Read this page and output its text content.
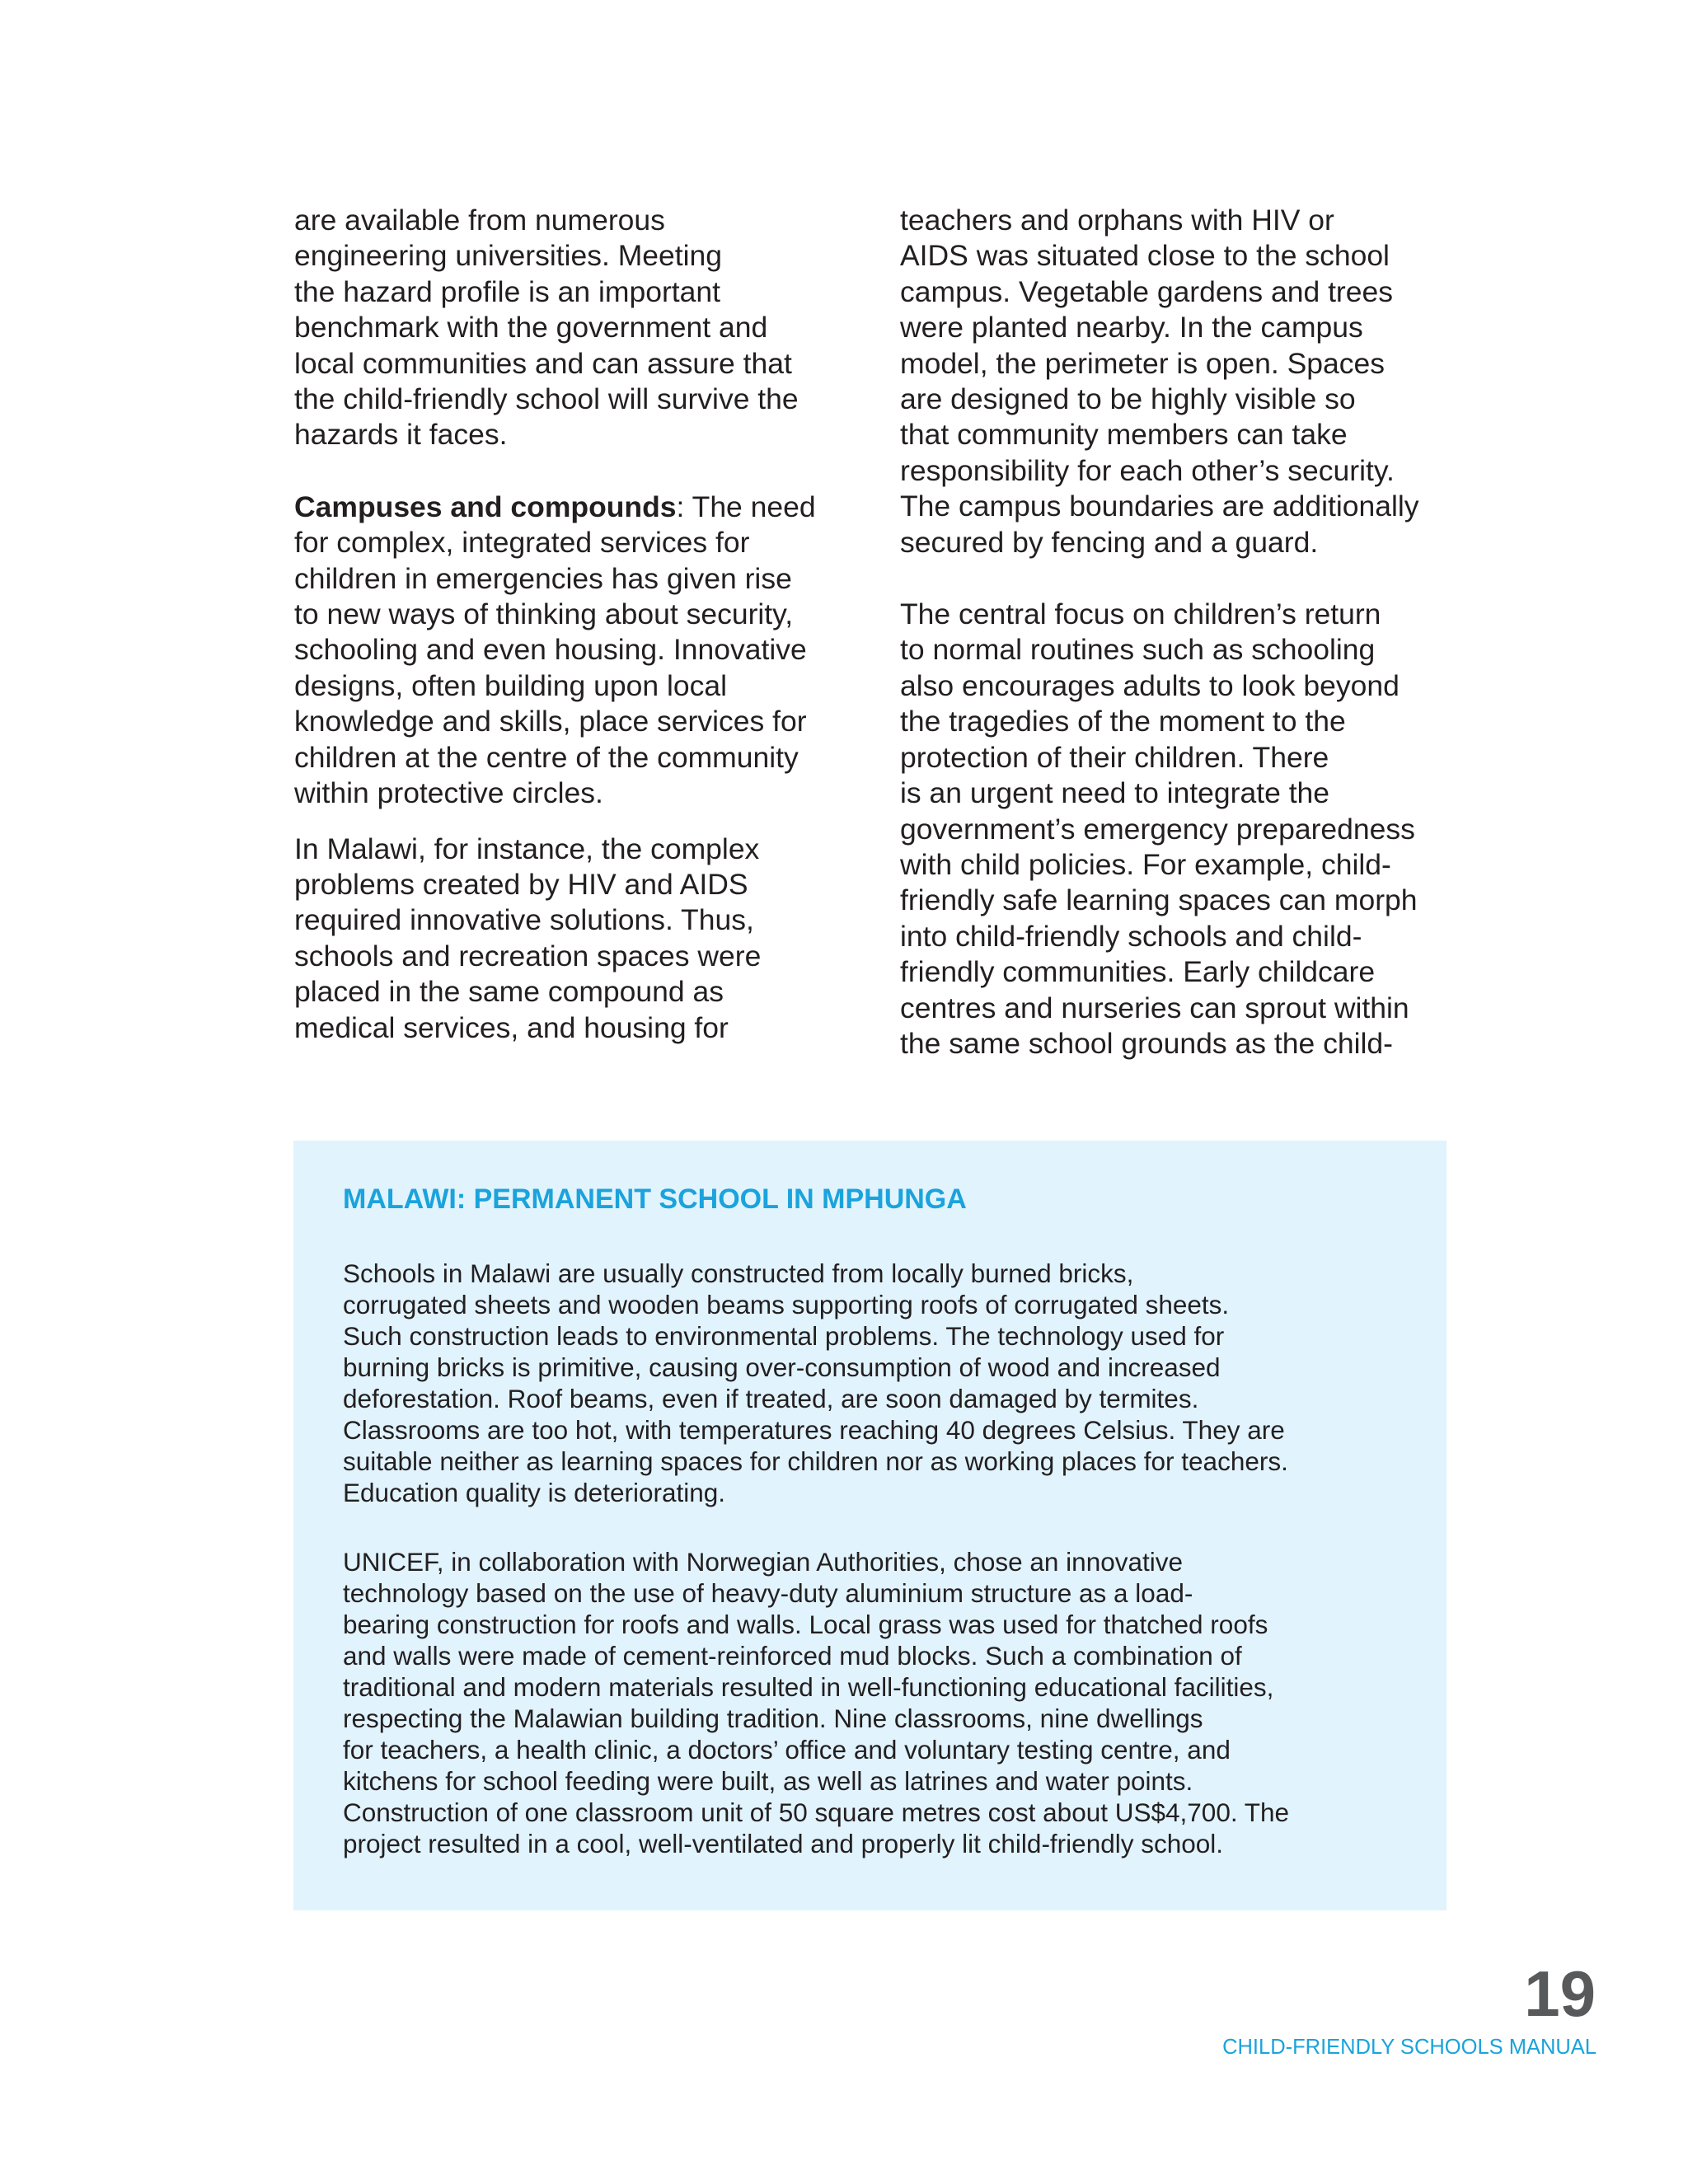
are available from numerous
engineering universities. Meeting
the hazard profile is an important
benchmark with the government and
local communities and can assure that
the child-friendly school will survive the
hazards it faces.
Campuses and compounds: The need
for complex, integrated services for
children in emergencies has given rise
to new ways of thinking about security,
schooling and even housing. Innovative
designs, often building upon local
knowledge and skills, place services for
children at the centre of the community
within protective circles.
In Malawi, for instance, the complex
problems created by HIV and AIDS
required innovative solutions. Thus,
schools and recreation spaces were
placed in the same compound as
medical services, and housing for
teachers and orphans with HIV or
AIDS was situated close to the school
campus. Vegetable gardens and trees
were planted nearby. In the campus
model, the perimeter is open. Spaces
are designed to be highly visible so
that community members can take
responsibility for each other’s security.
The campus boundaries are additionally
secured by fencing and a guard.
The central focus on children’s return
to normal routines such as schooling
also encourages adults to look beyond
the tragedies of the moment to the
protection of their children. There
is an urgent need to integrate the
government’s emergency preparedness
with child policies. For example, child-
friendly safe learning spaces can morph
into child-friendly schools and child-
friendly communities. Early childcare
centres and nurseries can sprout within
the same school grounds as the child-
MALAWI: PERMANENT SCHOOL IN MPHUNGA
Schools in Malawi are usually constructed from locally burned bricks,
corrugated sheets and wooden beams supporting roofs of corrugated sheets.
Such construction leads to environmental problems. The technology used for
burning bricks is primitive, causing over-consumption of wood and increased
deforestation. Roof beams, even if treated, are soon damaged by termites.
Classrooms are too hot, with temperatures reaching 40 degrees Celsius. They are
suitable neither as learning spaces for children nor as working places for teachers.
Education quality is deteriorating.
UNICEF, in collaboration with Norwegian Authorities, chose an innovative
technology based on the use of heavy-duty aluminium structure as a load-
bearing construction for roofs and walls. Local grass was used for thatched roofs
and walls were made of cement-reinforced mud blocks. Such a combination of
traditional and modern materials resulted in well-functioning educational facilities,
respecting the Malawian building tradition. Nine classrooms, nine dwellings
for teachers, a health clinic, a doctors’ office and voluntary testing centre, and
kitchens for school feeding were built, as well as latrines and water points.
Construction of one classroom unit of 50 square metres cost about US$4,700. The
project resulted in a cool, well-ventilated and properly lit child-friendly school.
19
CHILD-FRIENDLY SCHOOLS MANUAL
